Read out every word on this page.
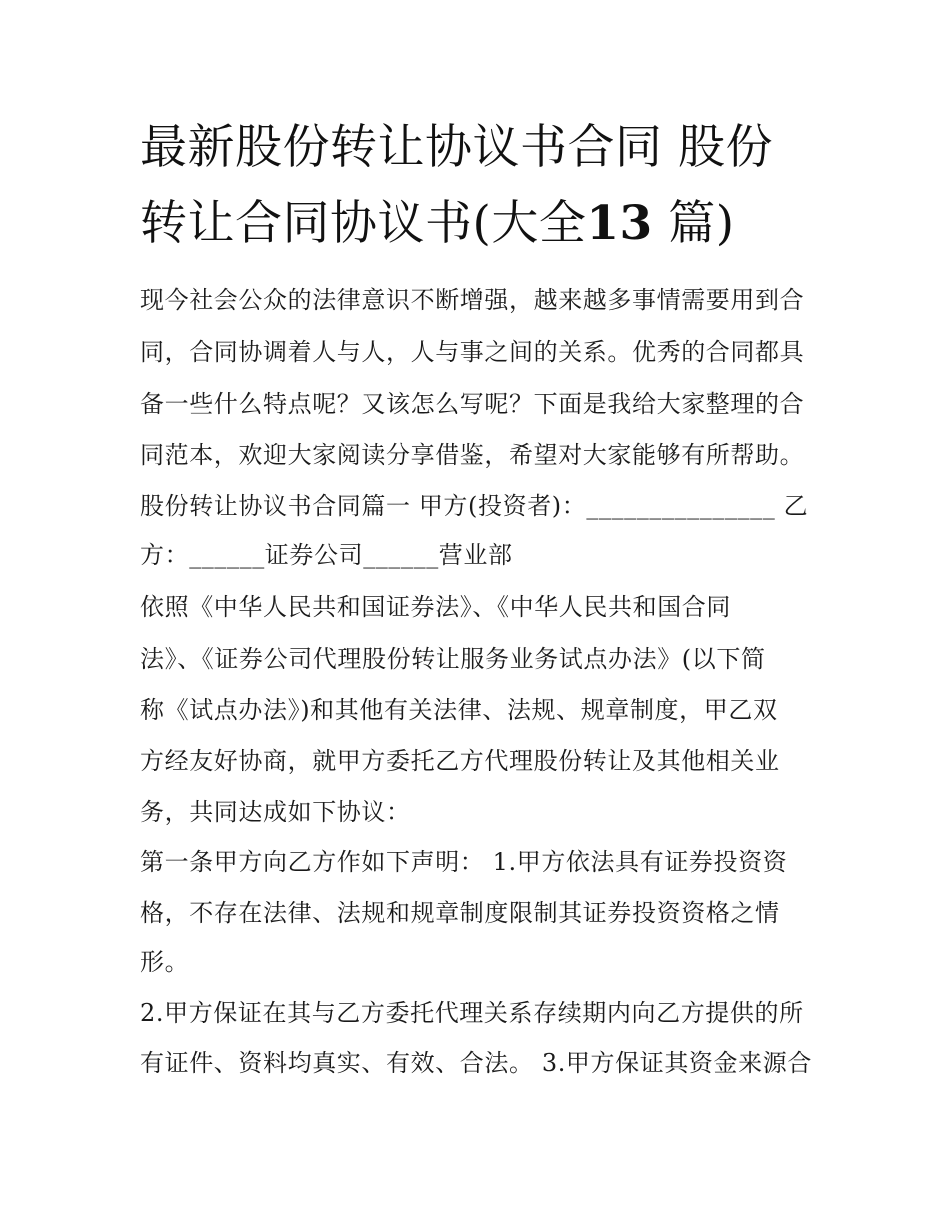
最新股份转让协议书合同 股份
转让合同协议书(大全13 篇)
现今社会公众的法律意识不断增强，越来越多事情需要用到合
同，合同协调着人与人，人与事之间的关系。优秀的合同都具
备一些什么特点呢？又该怎么写呢？下面是我给大家整理的合
同范本，欢迎大家阅读分享借鉴，希望对大家能够有所帮助。
股份转让协议书合同篇一 甲方(投资者)：_______________ 乙
方：______证券公司______营业部
依照《中华人民共和国证券法》、《中华人民共和国合同
法》、《证券公司代理股份转让服务业务试点办法》(以下简
称《试点办法》)和其他有关法律、法规、规章制度，甲乙双
方经友好协商，就甲方委托乙方代理股份转让及其他相关业
务，共同达成如下协议：
第一条甲方向乙方作如下声明： 1.甲方依法具有证券投资资
格，不存在法律、法规和规章制度限制其证券投资资格之情
形。
2.甲方保证在其与乙方委托代理关系存续期内向乙方提供的所
有证件、资料均真实、有效、合法。 3.甲方保证其资金来源合
